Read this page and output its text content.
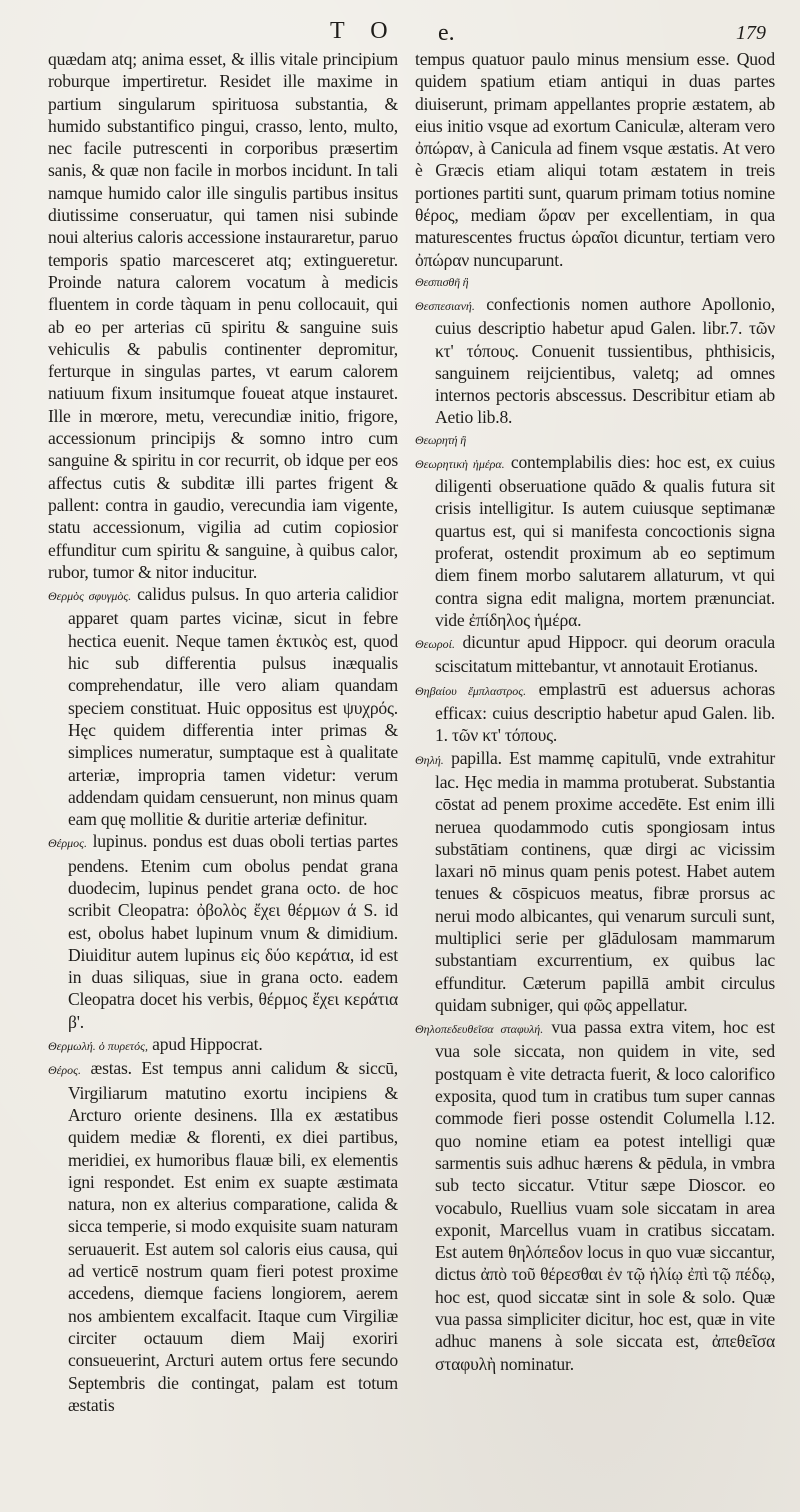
T O e.	179

quædam atq; anima esset, & illis vitale principium roburque impertiretur. Residet ille maxime in partium singularum spirituosa substantia, & humido substantifico pingui, crasso, lento, multo, nec facile putrescenti in corporibus præsertim sanis, & quæ non facile in morbos incidunt. In tali namque humido calor ille singulis partibus insitus diutissime conseruatur, qui tamen nisi subinde noui alterius caloris accessione instauraretur, paruo temporis spatio marcesceret atq; extingueretur. Proinde natura calorem vocatum à medicis fluentem in corde tàquam in penu collocauit, qui ab eo per arterias cū spiritu & sanguine suis vehiculis & pabulis continenter depromitur, ferturque in singulas partes, vt earum calorem natiuum fixum insitumque foueat atque instauret. Ille in mœrore, metu, verecundiæ initio, frigore, accessionum principijs & somno intro cum sanguine & spiritu in cor recurrit, ob idque per eos affectus cutis & subditæ illi partes frigent & pallent: contra in gaudio, verecundia iam vigente, statu accessionum, vigilia ad cutim copiosior effunditur cum spiritu & sanguine, à quibus calor, rubor, tumor & nitor inducitur.

Θερμὸς σφυγμὸς. calidus pulsus. In quo arteria calidior apparet quam partes vicinæ, sicut in febre hectica euenit. Neque tamen ἑκτικὸς est, quod hic sub differentia pulsus inæqualis comprehendatur, ille vero aliam quandam speciem constituat. Huic oppositus est ψυχρός. Hęc quidem differentia inter primas & simplices numeratur, sumptaque est à qualitate arteriæ, impropria tamen videtur: verum addendam quidam censuerunt, non minus quam eam quę mollitie & duritie arteriæ definitur.

Θέρμος. lupinus. pondus est duas oboli tertias partes pendens. Etenim cum obolus pendat grana duodecim, lupinus pendet grana octo. de hoc scribit Cleopatra: ὀβολὸς ἔχει θέρμων ά S. id est, obolus habet lupinum vnum & dimidium. Diuiditur autem lupinus εἰς δύο κεράτια, id est in duas siliquas, siue in grana octo. eadem Cleopatra docet his verbis, θέρμος ἔχει κεράτια β'.

Θερμωλή. ὁ πυρετός, apud Hippocrat.

Θέρος. æstas. Est tempus anni calidum & siccū, Virgiliarum matutino exortu incipiens & Arcturo oriente desinens. Illa ex æstatibus quidem mediæ & florenti, ex diei partibus, meridiei, ex humoribus flauæ bili, ex elementis igni respondet. Est enim ex suapte æstimata natura, non ex alterius comparatione, calida & sicca temperie, si modo exquisite suam naturam seruauerit. Est autem sol caloris eius causa, qui ad verticē nostrum quam fieri potest proxime accedens, diemque faciens longiorem, aerem nos ambientem excalfacit. Itaque cum Virgiliæ circiter octauum diem Maij exoriri consueuerint, Arcturi autem ortus fere secundo Septembris die contingat, palam est totum æstatis

tempus quatuor paulo minus mensium esse. Quod quidem spatium etiam antiqui in duas partes diuiserunt, primam appellantes proprie æstatem, ab eius initio vsque ad exortum Caniculæ, alteram vero ὀπώραν, à Canicula ad finem vsque æstatis. At vero è Græcis etiam aliqui totam æstatem in treis portiones partiti sunt, quarum primam totius nomine θέρος, mediam ὥραν per excellentiam, in qua maturescentes fructus ὡραῖοι dicuntur, tertiam vero ὀπώραν nuncuparunt.

Θεσπισθῆ ἢ

Θεσπεσιανή. confectionis nomen authore Apollonio, cuius descriptio habetur apud Galen. libr.7. τῶν κτ' τόπους. Conuenit tussientibus, phthisicis, sanguinem reijcientibus, valetq; ad omnes internos pectoris abscessus. Describitur etiam ab Aetio lib.8.

Θεωρητή ἢ

Θεωρητικὴ ἡμέρα. contemplabilis dies: hoc est, ex cuius diligenti obseruatione quādo & qualis futura sit crisis intelligitur. Is autem cuiusque septimanæ quartus est, qui si manifesta concoctionis signa proferat, ostendit proximum ab eo septimum diem finem morbo salutarem allaturum, vt qui contra signa edit maligna, mortem prænunciat. vide ἐπίδηλος ἡμέρα.

Θεωροί. dicuntur apud Hippocr. qui deorum oracula sciscitatum mittebantur, vt annotauit Erotianus.

Θηβαίου ἔμπλαστρος. emplastrū est aduersus achoras efficax: cuius descriptio habetur apud Galen. lib. 1. τῶν κτ' τόπους.

Θηλή. papilla. Est mammę capitulū, vnde extrahitur lac. Hęc media in mamma protuberat. Substantia cōstat ad penem proxime accedēte. Est enim illi neruea quodammodo cutis spongiosam intus substātiam continens, quæ dirgi ac vicissim laxari nō minus quam penis potest. Habet autem tenues & cōspicuos meatus, fibræ prorsus ac nerui modo albicantes, qui venarum surculi sunt, multiplici serie per glādulosam mammarum substantiam excurrentium, ex quibus lac effunditur. Cæterum papillā ambit circulus quidam subniger, qui φῶς appellatur.

Θηλοπεδευθεῖσα σταφυλή. vua passa extra vitem, hoc est vua sole siccata, non quidem in vite, sed postquam è vite detracta fuerit, & loco calorifico exposita, quod tum in cratibus tum super cannas commode fieri posse ostendit Columella l.12. quo nomine etiam ea potest intelligi quæ sarmentis suis adhuc hærens & pēdula, in vmbra sub tecto siccatur. Vtitur sæpe Dioscor. eo vocabulo, Ruellius vuam sole siccatam in area exponit, Marcellus vuam in cratibus siccatam. Est autem θηλόπεδον locus in quo vuæ siccantur, dictus ἀπὸ τοῦ θέρεσθαι ἐν τῷ ἡλίῳ ἐπὶ τῷ πέδῳ, hoc est, quod siccatæ sint in sole & solo. Quæ vua passa simpliciter dicitur, hoc est, quæ in vite adhuc manens à sole siccata est, ἀπεθεῖσα σταφυλὴ nominatur.
